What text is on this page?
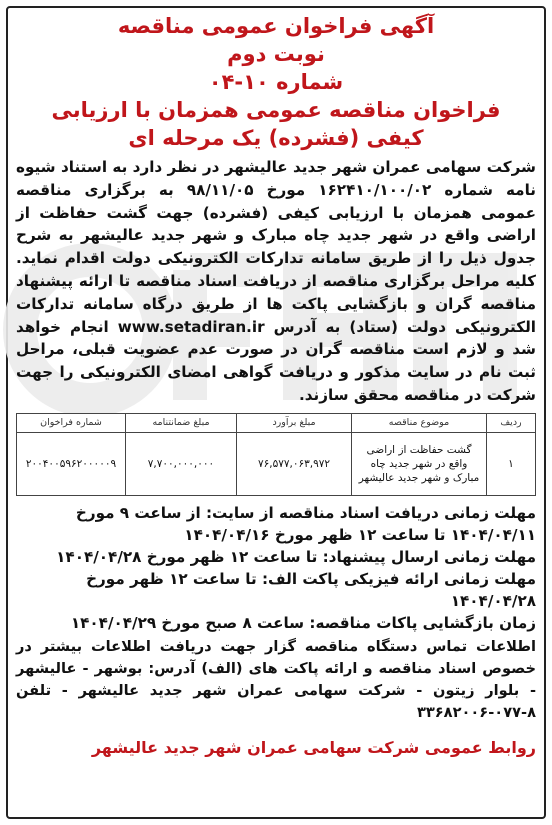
آگهی فراخوان عمومی مناقصه
نوبت دوم
شماره ۱۰-۰۴
فراخوان مناقصه عمومی همزمان با ارزیابی
کیفی (فشرده) یک مرحله ای

شرکت سهامی عمران شهر جدید عالیشهر در نظر دارد به استناد شیوه نامه شماره ۱۶۲۴۱۰/۱۰۰/۰۲ مورخ ۹۸/۱۱/۰۵ به برگزاری مناقصه عمومی همزمان با ارزیابی کیفی (فشرده) جهت گشت حفاظت از اراضی واقع در شهر جدید چاه مبارک و شهر جدید عالیشهر به شرح جدول ذیل را از طریق سامانه تدارکات الکترونیکی دولت اقدام نماید. کلیه مراحل برگزاری مناقصه از دریافت اسناد مناقصه تا ارائه پیشنهاد مناقصه گران و بازگشایی پاکت ها از طریق درگاه سامانه تدارکات الکترونیکی دولت (ستاد) به آدرس www.setadiran.ir انجام خواهد شد و لازم است مناقصه گران در صورت عدم عضویت قبلی، مراحل ثبت نام در سایت مذکور و دریافت گواهی امضای الکترونیکی را جهت شرکت در مناقصه محقق سازند.

ردیف	موضوع مناقصه	مبلغ برآورد	مبلغ ضمانتنامه	شماره فراخوان
۱	گشت حفاظت از اراضی واقع در شهر جدید چاه مبارک و شهر جدید عالیشهر	۷۶,۵۷۷,۰۶۳,۹۷۲	۷,۷۰۰,۰۰۰,۰۰۰	۲۰۰۴۰۰۵۹۶۲۰۰۰۰۰۹
مهلت زمانی دریافت اسناد مناقصه از سایت: از ساعت ۹ مورخ ۱۴۰۴/۰۴/۱۱ تا ساعت ۱۲ ظهر مورخ ۱۴۰۴/۰۴/۱۶
مهلت زمانی ارسال پیشنهاد: تا ساعت ۱۲ ظهر مورخ ۱۴۰۴/۰۴/۲۸
مهلت زمانی ارائه فیزیکی پاکت الف: تا ساعت ۱۲ ظهر مورخ ۱۴۰۴/۰۴/۲۸
زمان بازگشایی پاکات مناقصه: ساعت ۸ صبح مورخ ۱۴۰۴/۰۴/۲۹

اطلاعات تماس دستگاه مناقصه گزار جهت دریافت اطلاعات بیشتر در خصوص اسناد مناقصه و ارائه پاکت های (الف) آدرس: بوشهر - عالیشهر - بلوار زیتون - شرکت سهامی عمران شهر جدید عالیشهر - تلفن ۸-۰۷۷-۳۳۶۸۲۰۰۶

روابط عمومی شرکت سهامی عمران شهر جدید عالیشهر
